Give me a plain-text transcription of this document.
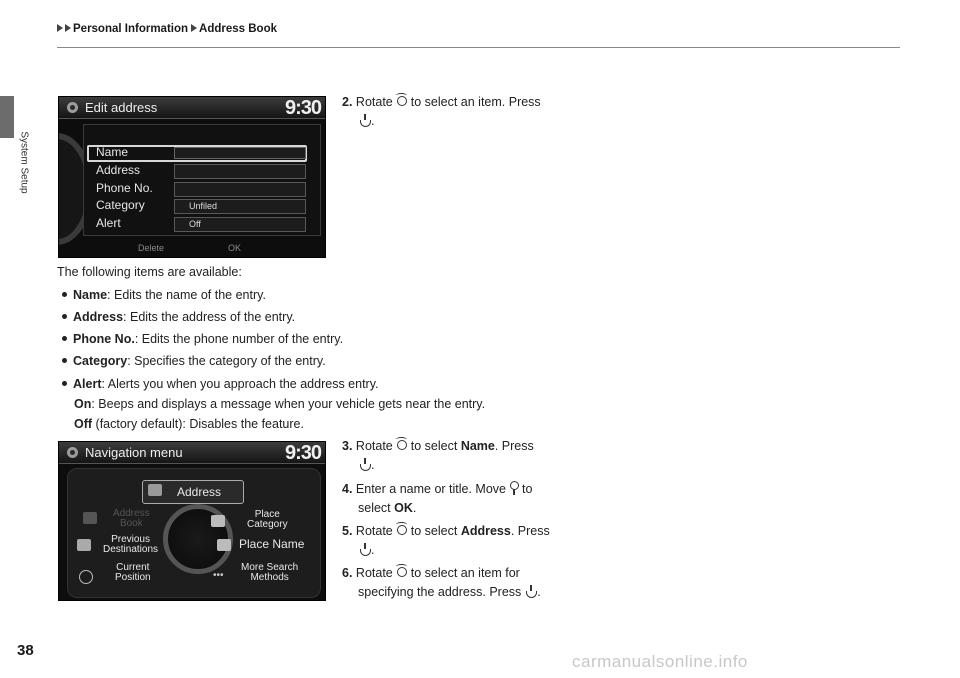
Personal Information Address Book
System Setup
Edit address	9:30
Name
Address
Phone No.
Category	Unfiled
Alert	Off
Delete	OK
2. Rotate to select an item. Press
.
The following items are available:
Name: Edits the name of the entry.
Address: Edits the address of the entry.
Phone No.: Edits the phone number of the entry.
Category: Specifies the category of the entry.
Alert: Alerts you when you approach the address entry.
On: Beeps and displays a message when your vehicle gets near the entry.
Off (factory default): Disables the feature.
Navigation menu	9:30
Address
Address
Book
Place
Category
Previous
Destinations	Place Name
Current
Position	•••
More Search
Methods
3. Rotate to select Name. Press
.
4. Enter a name or title. Move to
select OK.
5. Rotate to select Address. Press
.
6. Rotate to select an item for
specifying the address. Press .
38
carmanualsonline.info
